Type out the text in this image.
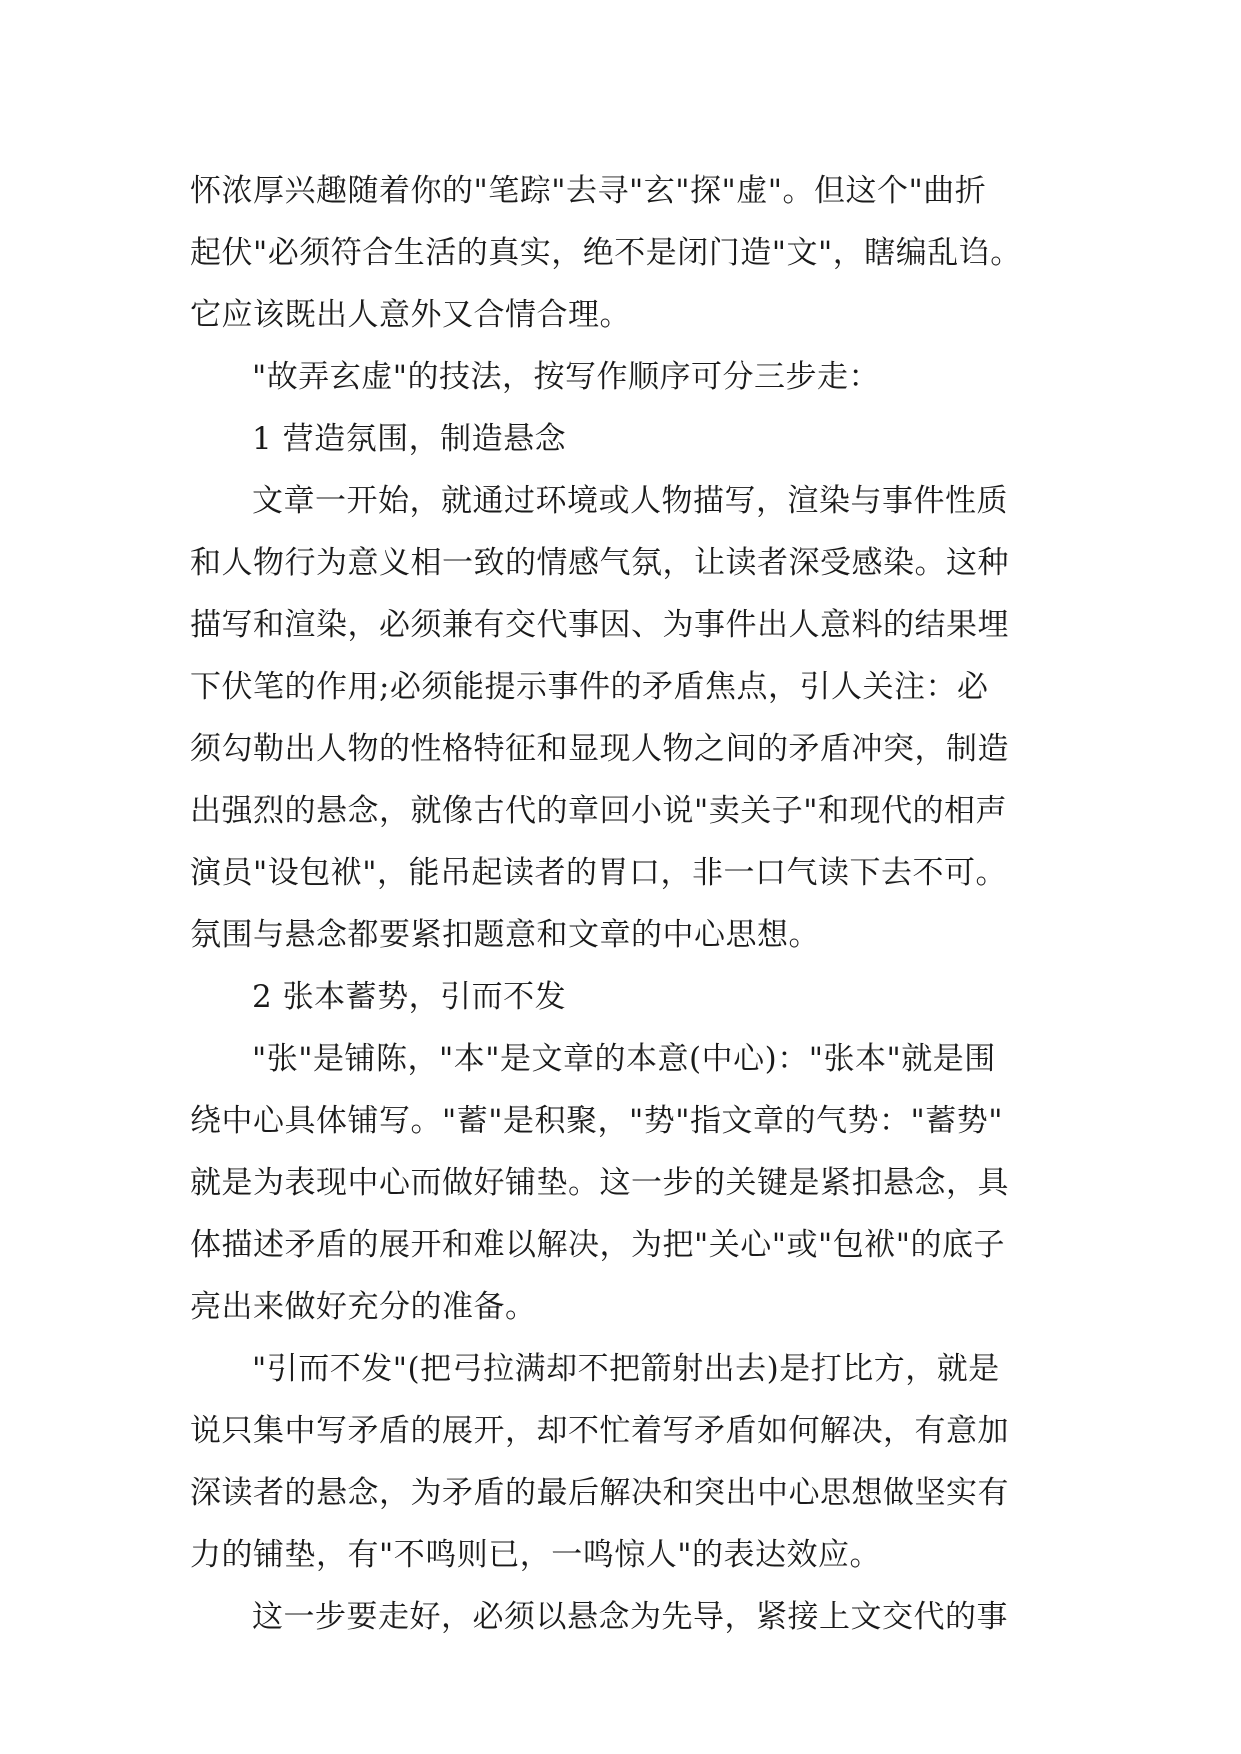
怀浓厚兴趣随着你的"笔踪"去寻"玄"探"虚"。但这个"曲折
起伏"必须符合生活的真实，绝不是闭门造"文"，瞎编乱诌。
它应该既出人意外又合情合理。
"故弄玄虚"的技法，按写作顺序可分三步走：
1 营造氛围，制造悬念
文章一开始，就通过环境或人物描写，渲染与事件性质
和人物行为意义相一致的情感气氛，让读者深受感染。这种
描写和渲染，必须兼有交代事因、为事件出人意料的结果埋
下伏笔的作用;必须能提示事件的矛盾焦点，引人关注：必
须勾勒出人物的性格特征和显现人物之间的矛盾冲突，制造
出强烈的悬念，就像古代的章回小说"卖关子"和现代的相声
演员"设包袱"，能吊起读者的胃口，非一口气读下去不可。
氛围与悬念都要紧扣题意和文章的中心思想。
2 张本蓄势，引而不发
"张"是铺陈，"本"是文章的本意(中心)："张本"就是围
绕中心具体铺写。"蓄"是积聚，"势"指文章的气势："蓄势"
就是为表现中心而做好铺垫。这一步的关键是紧扣悬念，具
体描述矛盾的展开和难以解决，为把"关心"或"包袱"的底子
亮出来做好充分的准备。
"引而不发"(把弓拉满却不把箭射出去)是打比方，就是
说只集中写矛盾的展开，却不忙着写矛盾如何解决，有意加
深读者的悬念，为矛盾的最后解决和突出中心思想做坚实有
力的铺垫，有"不鸣则已，一鸣惊人"的表达效应。
这一步要走好，必须以悬念为先导，紧接上文交代的事
